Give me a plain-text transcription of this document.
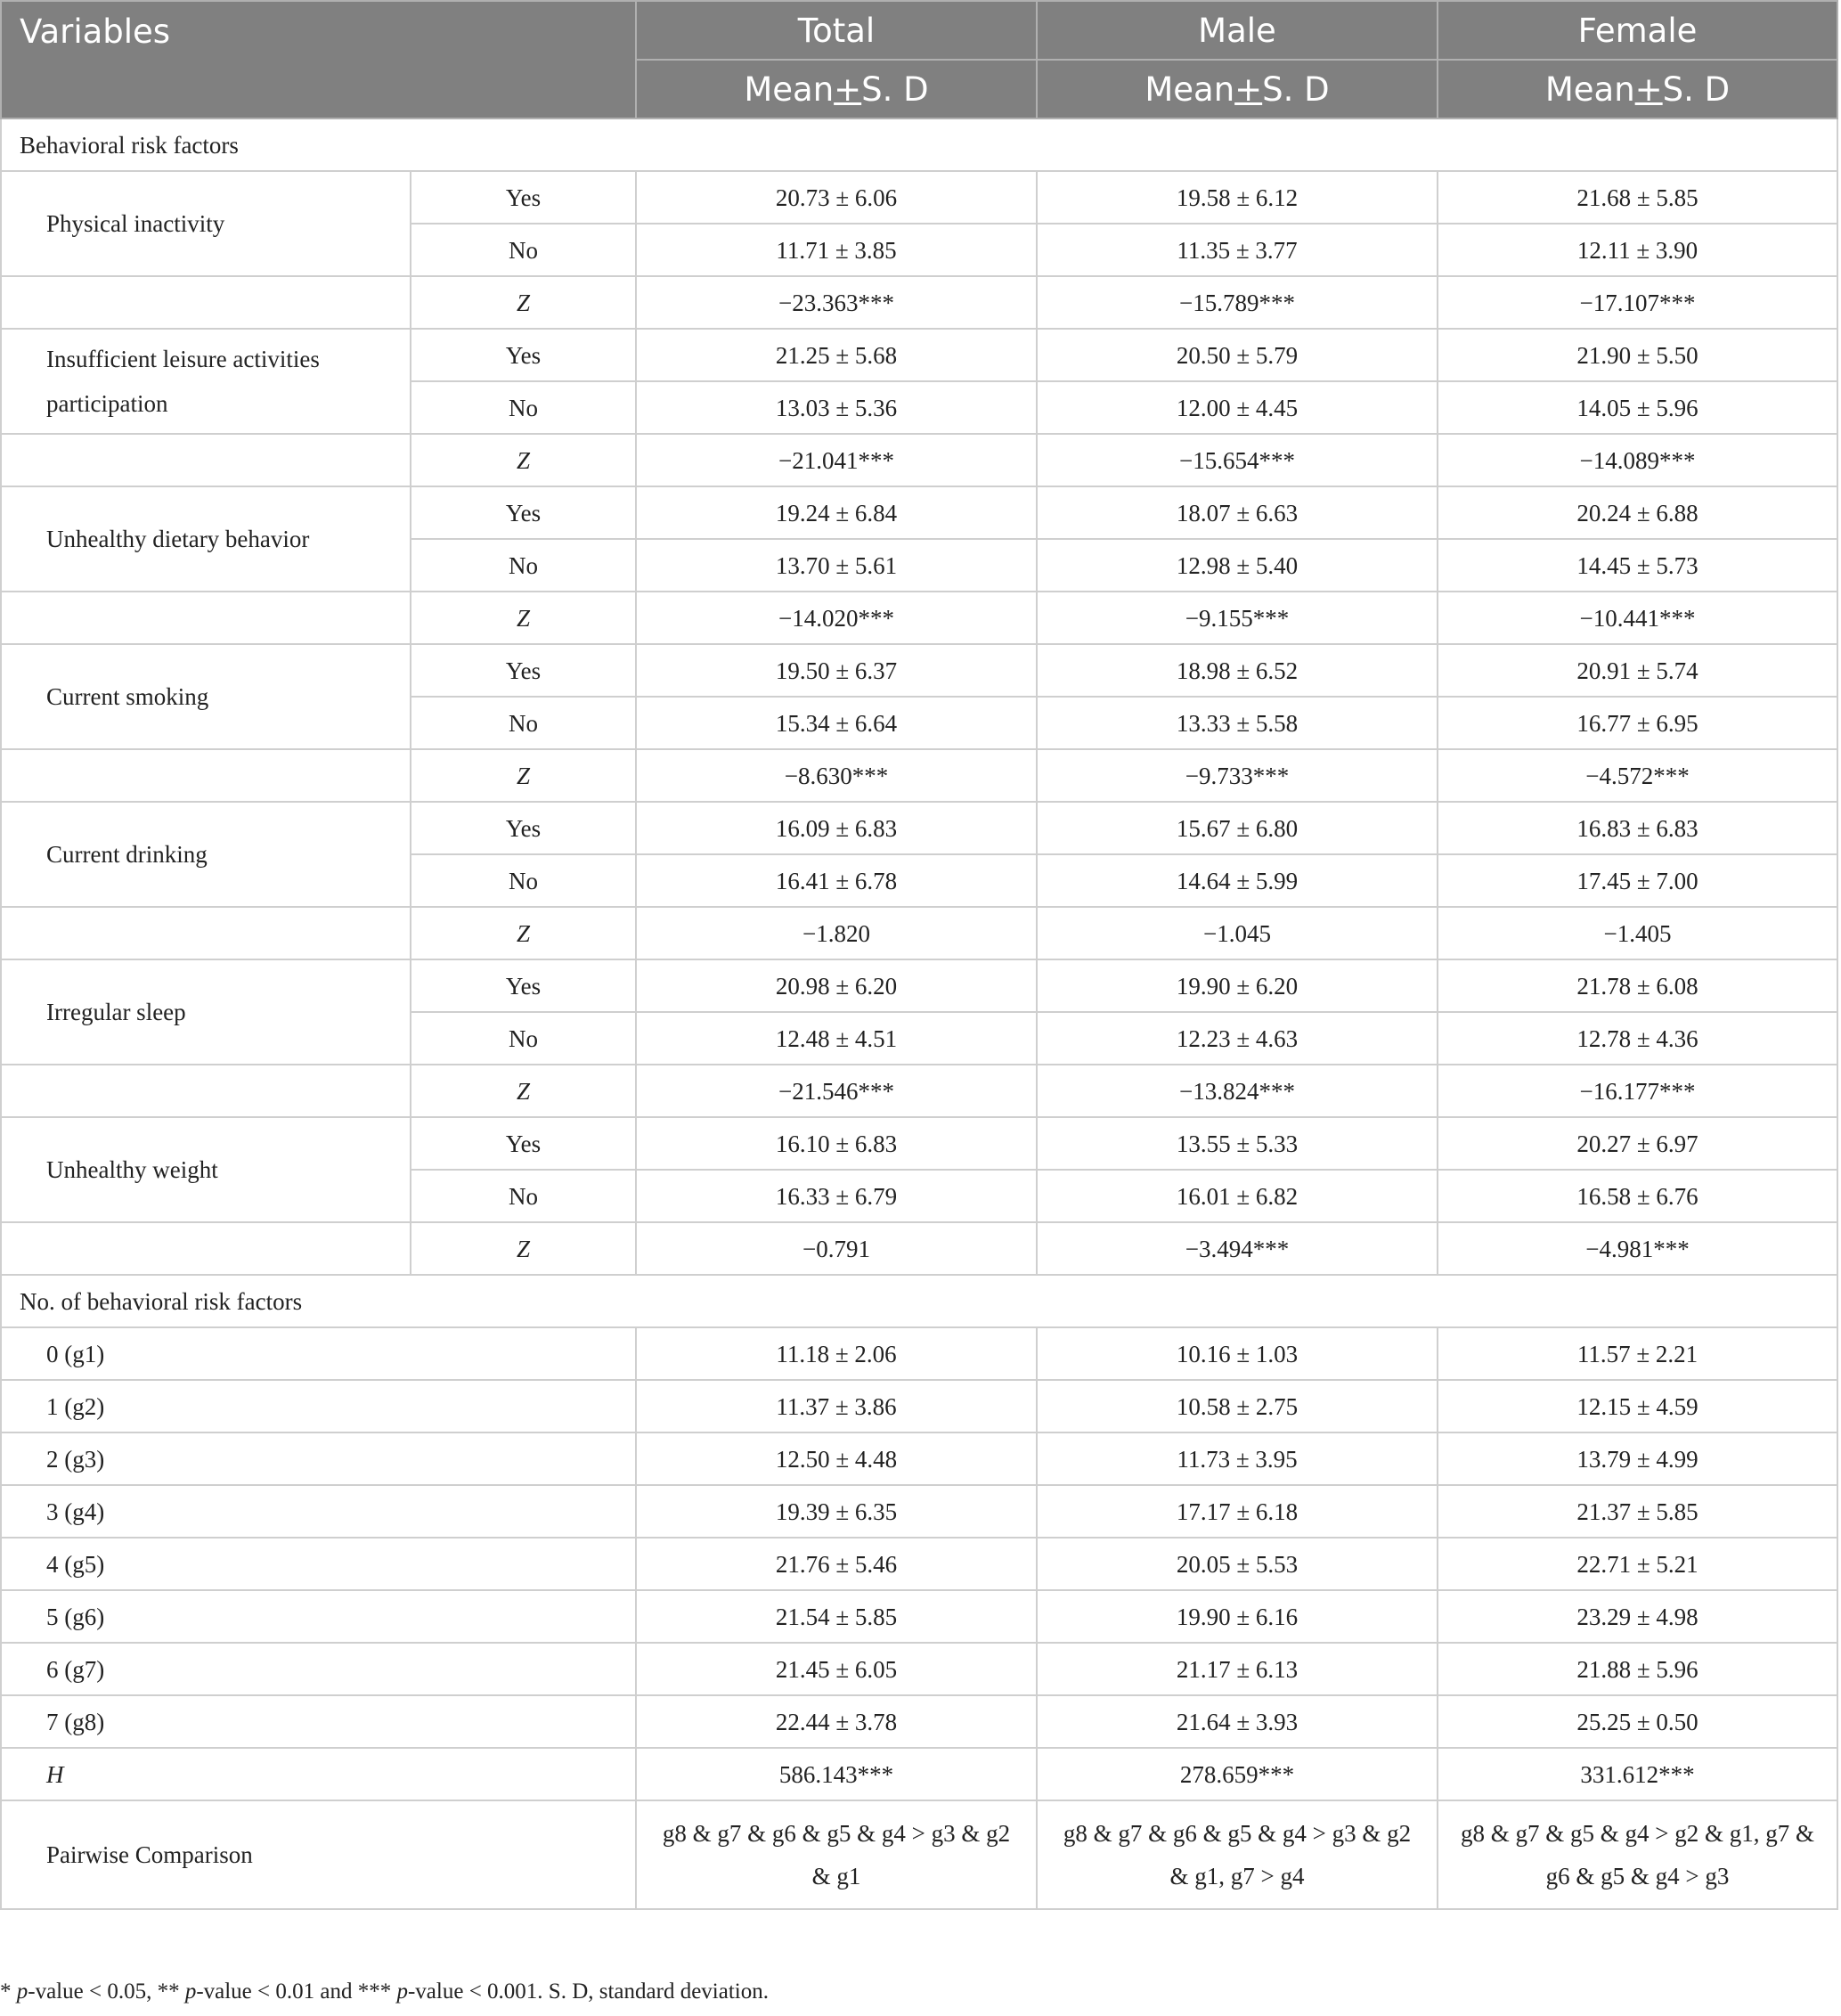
Variables		Total	Male	Female
		Mean+S. D	Mean+S. D	Mean+S. D
Behavioral risk factors				
Physical inactivity	Yes	20.73 ± 6.06	19.58 ± 6.12	21.68 ± 5.85
	No	11.71 ± 3.85	11.35 ± 3.77	12.11 ± 3.90
	Z	−23.363***	−15.789***	−17.107***
Insufficient leisure activities participation	Yes	21.25 ± 5.68	20.50 ± 5.79	21.90 ± 5.50
	No	13.03 ± 5.36	12.00 ± 4.45	14.05 ± 5.96
	Z	−21.041***	−15.654***	−14.089***
Unhealthy dietary behavior	Yes	19.24 ± 6.84	18.07 ± 6.63	20.24 ± 6.88
	No	13.70 ± 5.61	12.98 ± 5.40	14.45 ± 5.73
	Z	−14.020***	−9.155***	−10.441***
Current smoking	Yes	19.50 ± 6.37	18.98 ± 6.52	20.91 ± 5.74
	No	15.34 ± 6.64	13.33 ± 5.58	16.77 ± 6.95
	Z	−8.630***	−9.733***	−4.572***
Current drinking	Yes	16.09 ± 6.83	15.67 ± 6.80	16.83 ± 6.83
	No	16.41 ± 6.78	14.64 ± 5.99	17.45 ± 7.00
	Z	−1.820	−1.045	−1.405
Irregular sleep	Yes	20.98 ± 6.20	19.90 ± 6.20	21.78 ± 6.08
	No	12.48 ± 4.51	12.23 ± 4.63	12.78 ± 4.36
	Z	−21.546***	−13.824***	−16.177***
Unhealthy weight	Yes	16.10 ± 6.83	13.55 ± 5.33	20.27 ± 6.97
	No	16.33 ± 6.79	16.01 ± 6.82	16.58 ± 6.76
	Z	−0.791	−3.494***	−4.981***
No. of behavioral risk factors				
0 (g1)		11.18 ± 2.06	10.16 ± 1.03	11.57 ± 2.21
1 (g2)		11.37 ± 3.86	10.58 ± 2.75	12.15 ± 4.59
2 (g3)		12.50 ± 4.48	11.73 ± 3.95	13.79 ± 4.99
3 (g4)		19.39 ± 6.35	17.17 ± 6.18	21.37 ± 5.85
4 (g5)		21.76 ± 5.46	20.05 ± 5.53	22.71 ± 5.21
5 (g6)		21.54 ± 5.85	19.90 ± 6.16	23.29 ± 4.98
6 (g7)		21.45 ± 6.05	21.17 ± 6.13	21.88 ± 5.96
7 (g8)		22.44 ± 3.78	21.64 ± 3.93	25.25 ± 0.50
H		586.143***	278.659***	331.612***
Pairwise Comparison		g8 & g7 & g6 & g5 & g4 > g3 & g2 & g1	g8 & g7 & g6 & g5 & g4 > g3 & g2 & g1, g7 > g4	g8 & g7 & g5 & g4 > g2 & g1, g7 & g6 & g5 & g4 > g3
* p-value < 0.05, ** p-value < 0.01 and *** p-value < 0.001. S. D, standard deviation.
